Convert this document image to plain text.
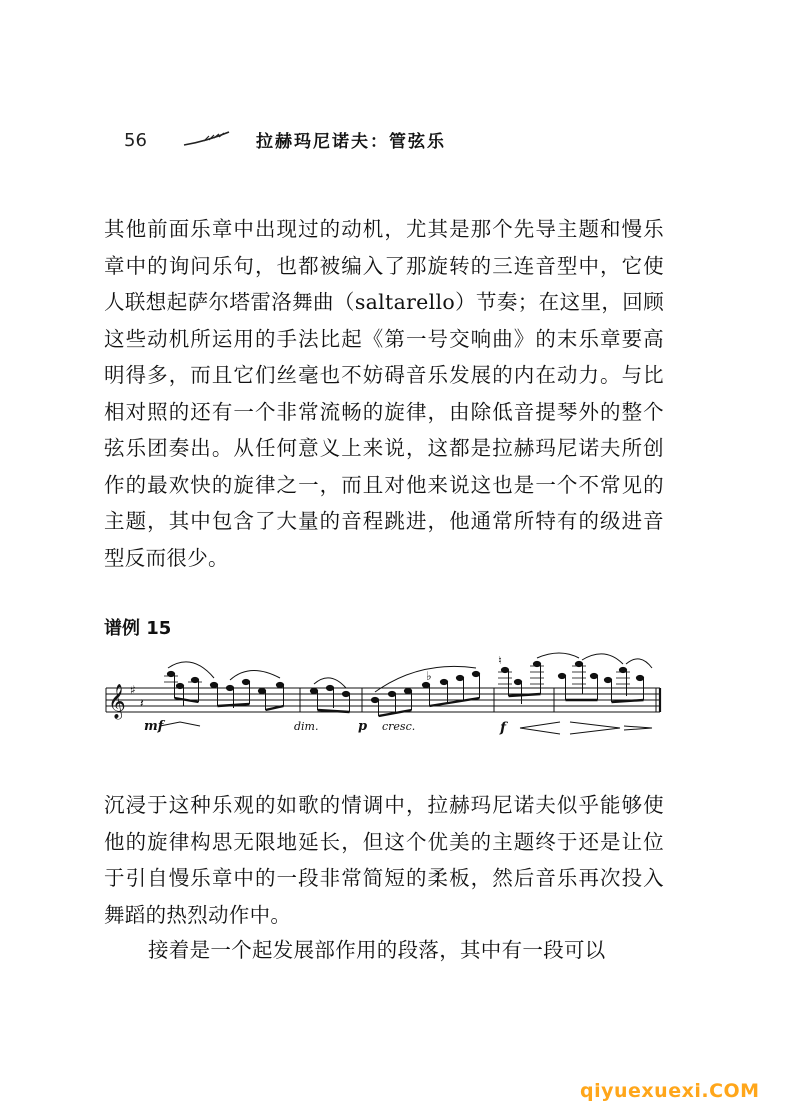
56	拉赫玛尼诺夫：管弦乐

其他前面乐章中出现过的动机，尤其是那个先导主题和慢乐章中的询问乐句，也都被编入了那旋转的三连音型中，它使人联想起萨尔塔雷洛舞曲（saltarello）节奏；在这里，回顾这些动机所运用的手法比起《第一号交响曲》的末乐章要高明得多，而且它们丝毫也不妨碍音乐发展的内在动力。与比相对照的还有一个非常流畅的旋律，由除低音提琴外的整个弦乐团奏出。从任何意义上来说，这都是拉赫玛尼诺夫所创作的最欢快的旋律之一，而且对他来说这也是一个不常见的主题，其中包含了大量的音程跳进，他通常所特有的级进音型反而很少。

谱例 15
𝄞 ♯
𝄽
♭
♮
mf	dim.	p cresc.	f

沉浸于这种乐观的如歌的情调中，拉赫玛尼诺夫似乎能够使他的旋律构思无限地延长，但这个优美的主题终于还是让位于引自慢乐章中的一段非常简短的柔板，然后音乐再次投入舞蹈的热烈动作中。

接着是一个起发展部作用的段落，其中有一段可以

qiyuexuexi.COM
